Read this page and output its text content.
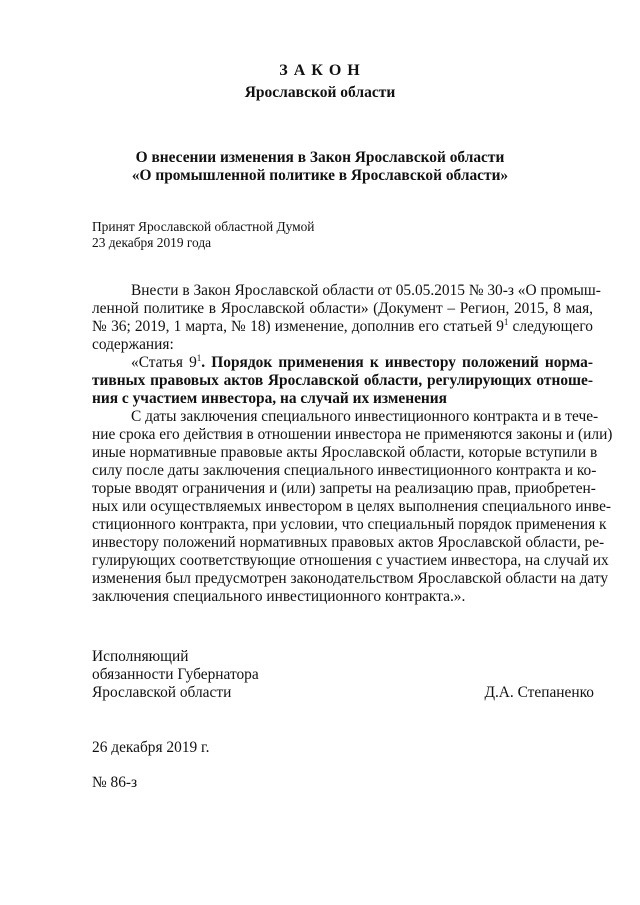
З А К О Н
Ярославской области
О внесении изменения в Закон Ярославской области
«О промышленной политике в Ярославской области»
Принят Ярославской областной Думой
23 декабря 2019 года
Внести в Закон Ярославской области от 05.05.2015 № 30-з «О промыш-
ленной политике в Ярославской области» (Документ – Регион, 2015, 8 мая,
№ 36; 2019, 1 марта, № 18) изменение, дополнив его статьей $9^1$ следующего
содержания:
«Статья $9^1$. Порядок применения к инвестору положений норма-
тивных правовых актов Ярославской области, регулирующих отноше-
ния с участием инвестора, на случай их изменения
С даты заключения специального инвестиционного контракта и в тече-
ние срока его действия в отношении инвестора не применяются законы и (или)
иные нормативные правовые акты Ярославской области, которые вступили в
силу после даты заключения специального инвестиционного контракта и ко-
торые вводят ограничения и (или) запреты на реализацию прав, приобретен-
ных или осуществляемых инвестором в целях выполнения специального инве-
стиционного контракта, при условии, что специальный порядок применения к
инвестору положений нормативных правовых актов Ярославской области, ре-
гулирующих соответствующие отношения с участием инвестора, на случай их
изменения был предусмотрен законодательством Ярославской области на дату
заключения специального инвестиционного контракта.».
Исполняющий
обязанности Губернатора
Ярославской области	Д.А. Степаненко
26 декабря 2019 г.
№ 86-з
